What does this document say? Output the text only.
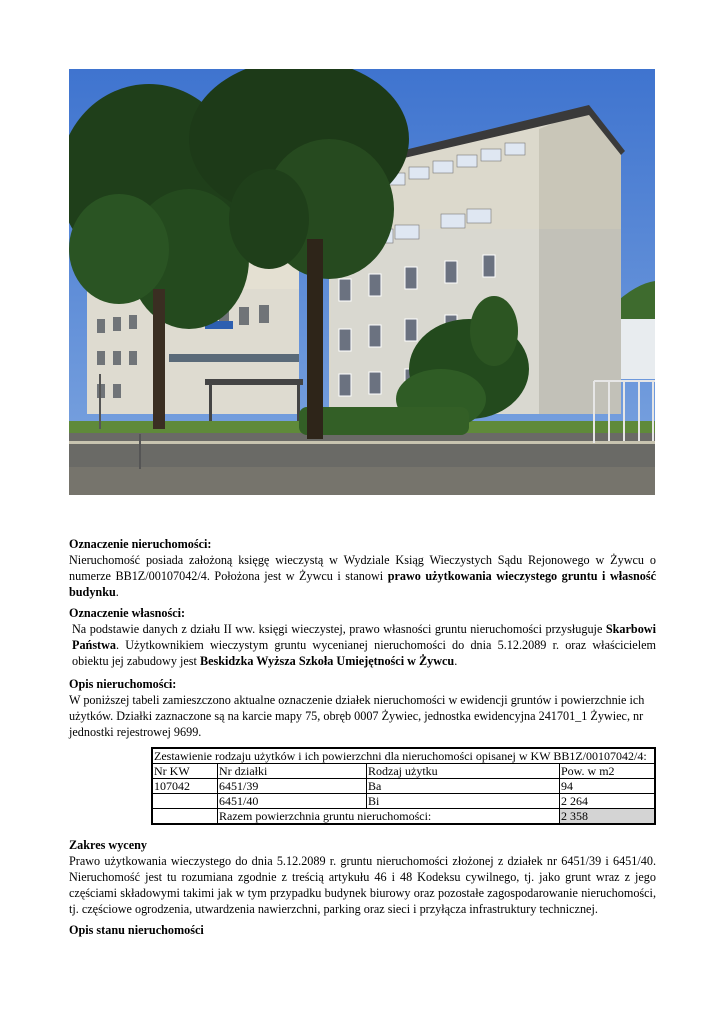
Oznaczenie nieruchomości:

Nieruchomość posiada założoną księgę wieczystą w Wydziale Ksiąg Wieczystych Sądu Rejonowego w Żywcu o numerze BB1Z/00107042/4. Położona jest w Żywcu i stanowi prawo użytkowania wieczystego gruntu i własność budynku.

Oznaczenie własności:

Na podstawie danych z działu II ww. księgi wieczystej, prawo własności gruntu nieruchomości przysługuje Skarbowi Państwa. Użytkownikiem wieczystym gruntu wycenianej nieruchomości do dnia 5.12.2089 r. oraz właścicielem obiektu jej zabudowy jest Beskidzka Wyższa Szkoła Umiejętności w Żywcu.

Opis nieruchomości:

W poniższej tabeli zamieszczono aktualne oznaczenie działek nieruchomości w ewidencji gruntów i powierzchnie ich użytków. Działki zaznaczone są na karcie mapy 75, obręb 0007 Żywiec, jednostka ewidencyjna 241701_1 Żywiec, nr jednostki rejestrowej 9699.

Zestawienie rodzaju użytków i ich powierzchni dla nieruchomości opisanej w KW BB1Z/00107042/4:			
Nr KW	Nr działki	Rodzaj użytku	Pow. w m2
107042	6451/39	Ba	94
	6451/40	Bi	2 264
	Razem powierzchnia gruntu nieruchomości:		2 358
Zakres wyceny

Prawo użytkowania wieczystego do dnia 5.12.2089 r. gruntu nieruchomości złożonej z działek nr 6451/39 i 6451/40. Nieruchomość jest tu rozumiana zgodnie z treścią artykułu 46 i 48 Kodeksu cywilnego, tj. jako grunt wraz z jego częściami składowymi takimi jak w tym przypadku budynek biurowy oraz pozostałe zagospodarowanie nieruchomości, tj. częściowe ogrodzenia, utwardzenia nawierzchni, parking oraz sieci i przyłącza infrastruktury technicznej.

Opis stanu nieruchomości
